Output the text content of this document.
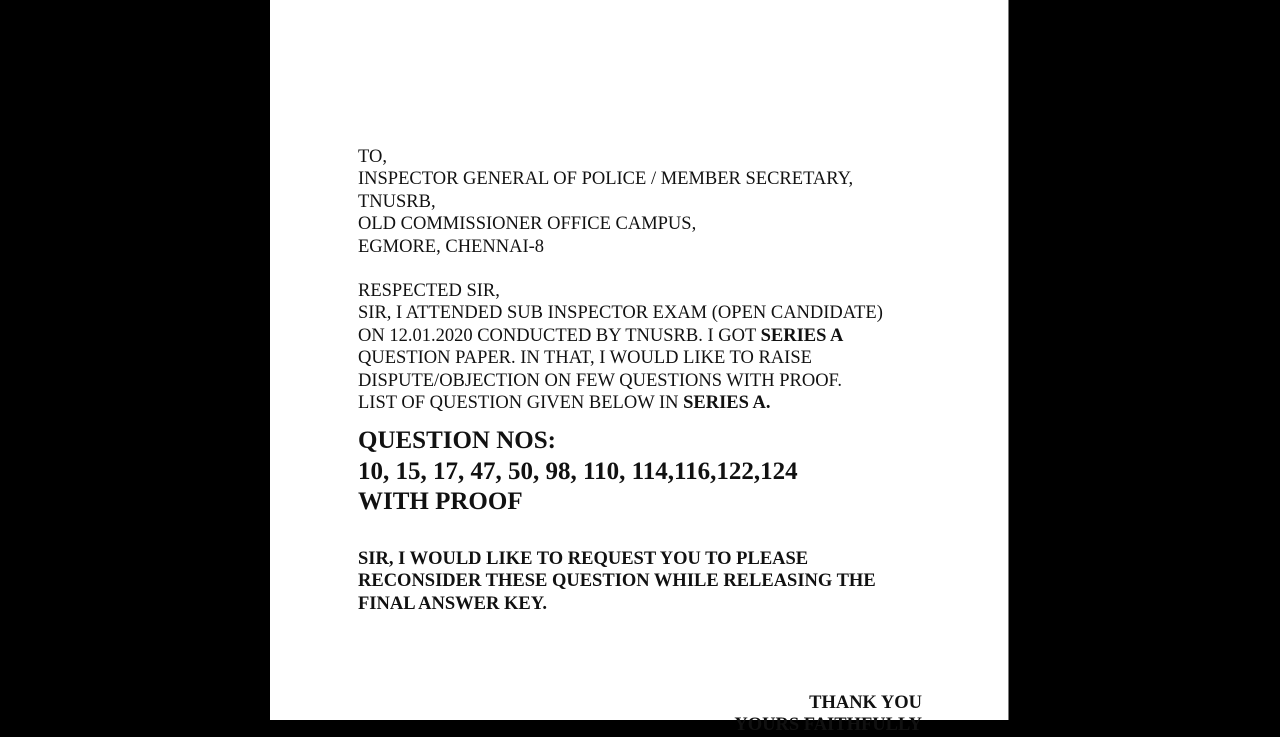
TO,
INSPECTOR GENERAL OF POLICE / MEMBER SECRETARY,
TNUSRB,
OLD COMMISSIONER OFFICE CAMPUS,
EGMORE, CHENNAI-8
RESPECTED SIR,
SIR, I ATTENDED SUB INSPECTOR EXAM (OPEN CANDIDATE)
ON 12.01.2020 CONDUCTED BY TNUSRB. I GOT SERIES A
QUESTION PAPER. IN THAT, I WOULD LIKE TO RAISE
DISPUTE/OBJECTION ON FEW QUESTIONS WITH PROOF.
LIST OF QUESTION GIVEN BELOW IN SERIES A.
QUESTION NOS:
10, 15, 17, 47, 50, 98, 110, 114,116,122,124
WITH PROOF
SIR, I WOULD LIKE TO REQUEST YOU TO PLEASE
RECONSIDER THESE QUESTION WHILE RELEASING THE
FINAL ANSWER KEY.
THANK YOU
YOURS FAITHFULLY
